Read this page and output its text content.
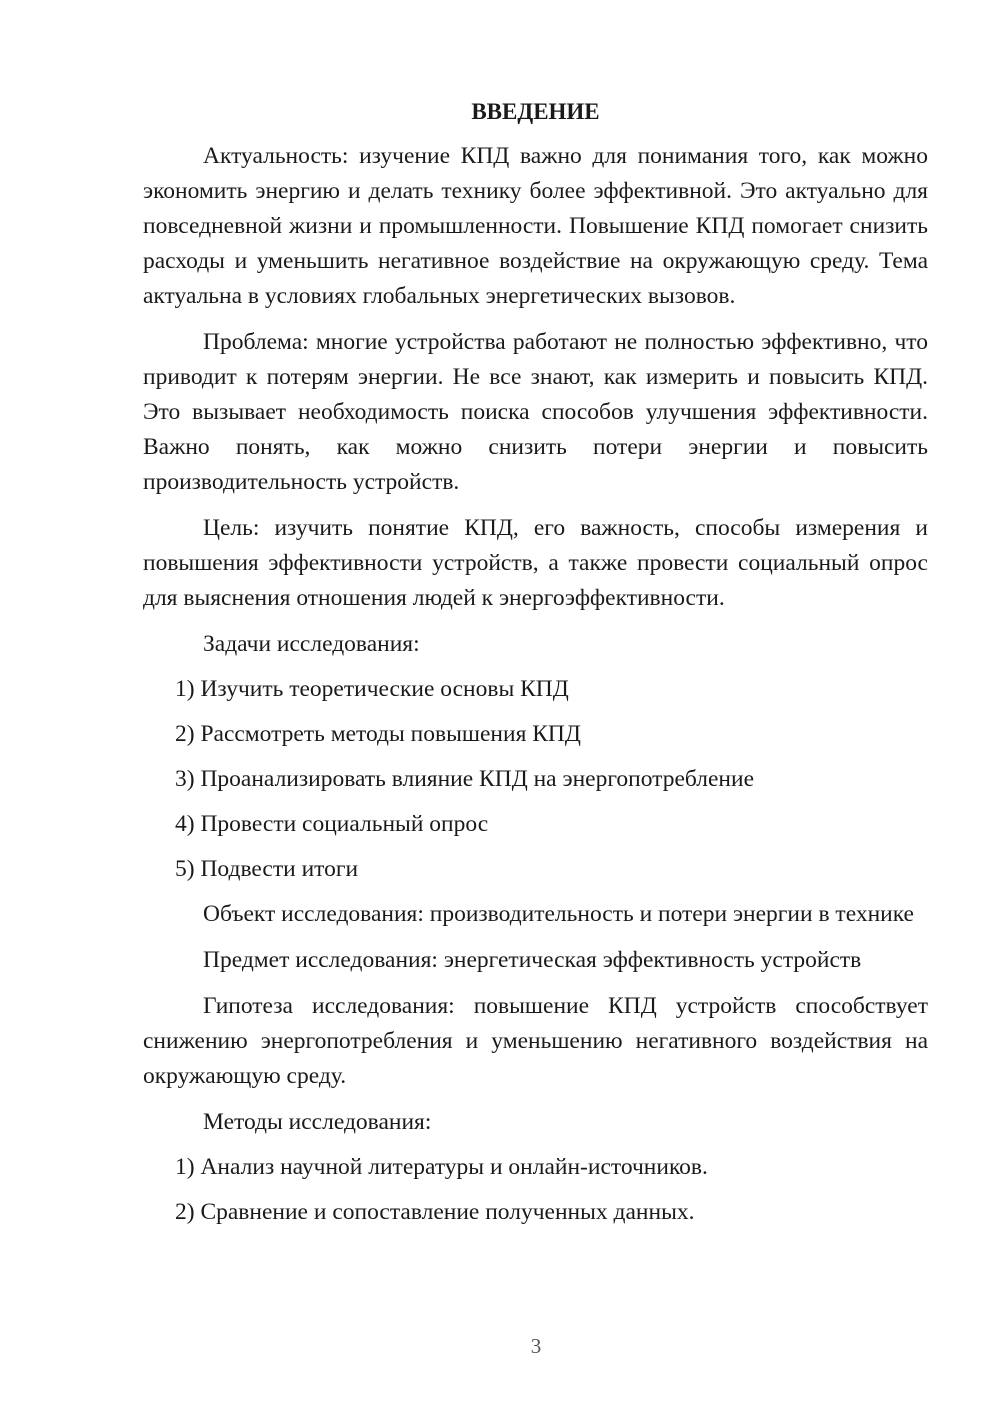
ВВЕДЕНИЕ

Актуальность: изучение КПД важно для понимания того, как можно экономить энергию и делать технику более эффективной. Это актуально для повседневной жизни и промышленности. Повышение КПД помогает снизить расходы и уменьшить негативное воздействие на окружающую среду. Тема актуальна в условиях глобальных энергетических вызовов.

Проблема: многие устройства работают не полностью эффективно, что приводит к потерям энергии. Не все знают, как измерить и повысить КПД. Это вызывает необходимость поиска способов улучшения эффективности. Важно понять, как можно снизить потери энергии и повысить производительность устройств.

Цель: изучить понятие КПД, его важность, способы измерения и повышения эффективности устройств, а также провести социальный опрос для выяснения отношения людей к энергоэффективности.

Задачи исследования:
1) Изучить теоретические основы КПД
2) Рассмотреть методы повышения КПД
3) Проанализировать влияние КПД на энергопотребление
4) Провести социальный опрос
5) Подвести итоги

Объект исследования: производительность и потери энергии в технике

Предмет исследования: энергетическая эффективность устройств

Гипотеза исследования: повышение КПД устройств способствует снижению энергопотребления и уменьшению негативного воздействия на окружающую среду.

Методы исследования:
1) Анализ научной литературы и онлайн-источников.
2) Сравнение и сопоставление полученных данных.
3
